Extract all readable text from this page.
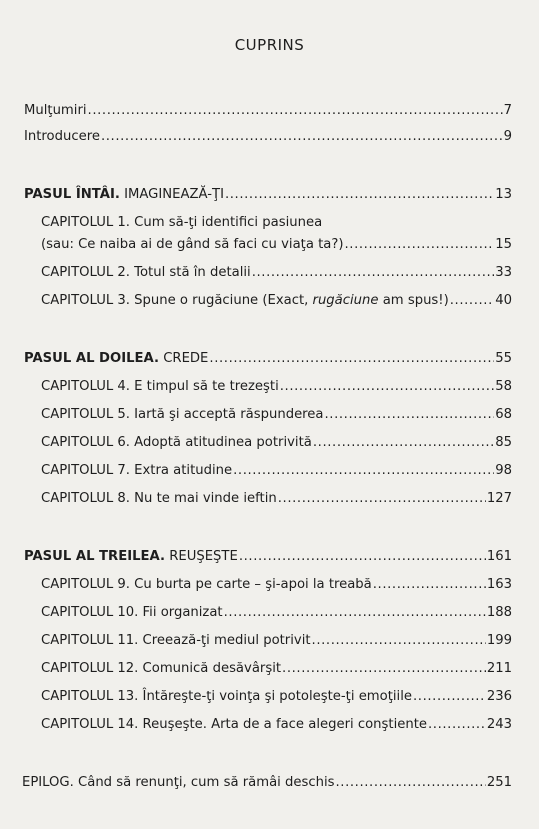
CUPRINS
Mulţumiri .....	7
Introducere .....	9
PASUL ÎNTÂI. IMAGINEAZĂ-ŢI .....	13
CAPITOLUL 1. Cum să-ţi identifici pasiunea
(sau: Ce naiba ai de gând să faci cu viaţa ta?) .....	15
CAPITOLUL 2. Totul stă în detalii .....	33
CAPITOLUL 3. Spune o rugăciune (Exact, rugăciune am spus!) .....	40
PASUL AL DOILEA. CREDE .....	55
CAPITOLUL 4. E timpul să te trezeşti .....	58
CAPITOLUL 5. Iartă şi acceptă răspunderea .....	68
CAPITOLUL 6. Adoptă atitudinea potrivită .....	85
CAPITOLUL 7. Extra atitudine .....	98
CAPITOLUL 8. Nu te mai vinde ieftin .....	127
PASUL AL TREILEA. REUŞEŞTE .....	161
CAPITOLUL 9. Cu burta pe carte – şi-apoi la treabă .....	163
CAPITOLUL 10. Fii organizat .....	188
CAPITOLUL 11. Creează-ţi mediul potrivit .....	199
CAPITOLUL 12. Comunică desăvârşit .....	211
CAPITOLUL 13. Întăreşte-ţi voinţa şi potoleşte-ţi emoţiile .....	236
CAPITOLUL 14. Reuşeşte. Arta de a face alegeri conştiente .....	243
EPILOG. Când să renunţi, cum să rămâi deschis .....	251
